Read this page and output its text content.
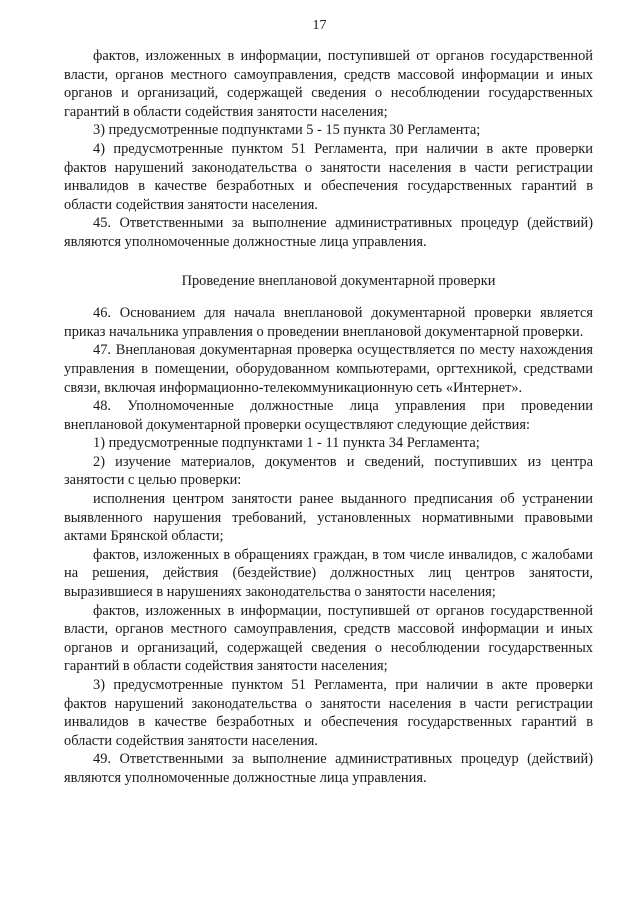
17

фактов, изложенных в информации, поступившей от органов государственной власти, органов местного самоуправления, средств массовой информации и иных органов и организаций, содержащей сведения о несоблюдении государственных гарантий в области содействия занятости населения;

3) предусмотренные подпунктами 5 - 15 пункта 30 Регламента;

4) предусмотренные пунктом 51 Регламента, при наличии в акте проверки фактов нарушений законодательства о занятости населения в части регистрации инвалидов в качестве безработных и обеспечения государственных гарантий в области содействия занятости населения.

45. Ответственными за выполнение административных процедур (действий) являются уполномоченные должностные лица управления.

Проведение внеплановой документарной проверки

46. Основанием для начала внеплановой документарной проверки является приказ начальника управления о проведении внеплановой документарной проверки.

47. Внеплановая документарная проверка осуществляется по месту нахождения управления в помещении, оборудованном компьютерами, оргтехникой, средствами связи, включая информационно-телекоммуникационную сеть «Интернет».

48. Уполномоченные должностные лица управления при проведении внеплановой документарной проверки осуществляют следующие действия:

1) предусмотренные подпунктами 1 - 11 пункта 34 Регламента;

2) изучение материалов, документов и сведений, поступивших из центра занятости с целью проверки:

исполнения центром занятости ранее выданного предписания об устранении выявленного нарушения требований, установленных нормативными правовыми актами Брянской области;

фактов, изложенных в обращениях граждан, в том числе инвалидов, с жалобами на решения, действия (бездействие) должностных лиц центров занятости, выразившиеся в нарушениях законодательства о занятости населения;

фактов, изложенных в информации, поступившей от органов государственной власти, органов местного самоуправления, средств массовой информации и иных органов и организаций, содержащей сведения о несоблюдении государственных гарантий в области содействия занятости населения;

3) предусмотренные пунктом 51 Регламента, при наличии в акте проверки фактов нарушений законодательства о занятости населения в части регистрации инвалидов в качестве безработных и обеспечения государственных гарантий в области содействия занятости населения.

49. Ответственными за выполнение административных процедур (действий) являются уполномоченные должностные лица управления.
